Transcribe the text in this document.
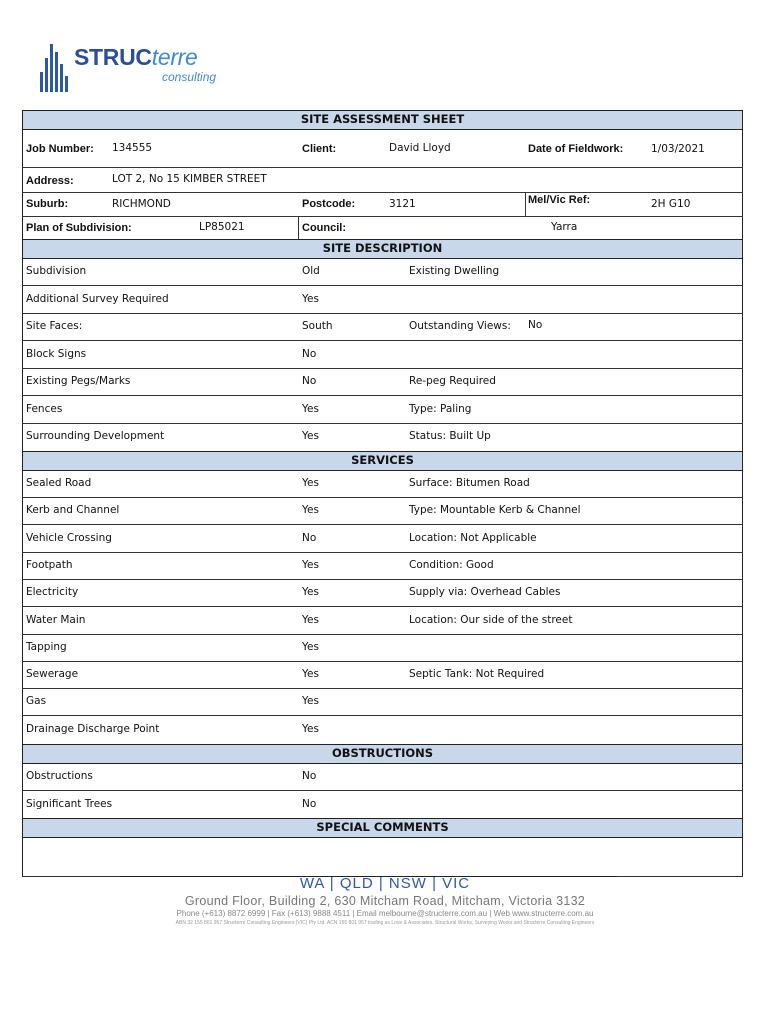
STRUCterre
consulting
SITE ASSESSMENT SHEET
Job Number: 134555	Client:	David Lloyd	Date of Fieldwork:	1/03/2021
Address:	LOT 2, No 15 KIMBER STREET
Suburb:	RICHMOND	Postcode:	3121	Mel/Vic Ref:	2H G10
Plan of Subdivision:	LP85021	Council:	Yarra
SITE DESCRIPTION
Subdivision	Old	Existing Dwelling
Additional Survey Required	Yes
Site Faces:	South	Outstanding Views: No
Block Signs	No
Existing Pegs/Marks	No	Re-peg Required
Fences	Yes	Type: Paling
Surrounding Development	Yes	Status: Built Up
SERVICES
Sealed Road	Yes	Surface: Bitumen Road
Kerb and Channel	Yes	Type: Mountable Kerb & Channel
Vehicle Crossing	No	Location: Not Applicable
Footpath	Yes	Condition: Good
Electricity	Yes	Supply via: Overhead Cables
Water Main	Yes	Location: Our side of the street
Tapping	Yes
Sewerage	Yes	Septic Tank: Not Required
Gas	Yes
Drainage Discharge Point	Yes
OBSTRUCTIONS
Obstructions	No
Significant Trees	No
SPECIAL COMMENTS
WA | QLD | NSW | VIC
Ground Floor, Building 2, 630 Mitcham Road, Mitcham, Victoria 3132
Phone (+613) 8872 6999 | Fax (+613) 9888 4511 | Email melbourne@structerre.com.au | Web www.structerre.com.au
ABN 32 155 801 957 Structerre Consulting Engineers (VIC) Pty Ltd. ACN 155 801 957 trading as Love & Associates, Structural Works, Surveying Works and Structerre Consulting Engineers
